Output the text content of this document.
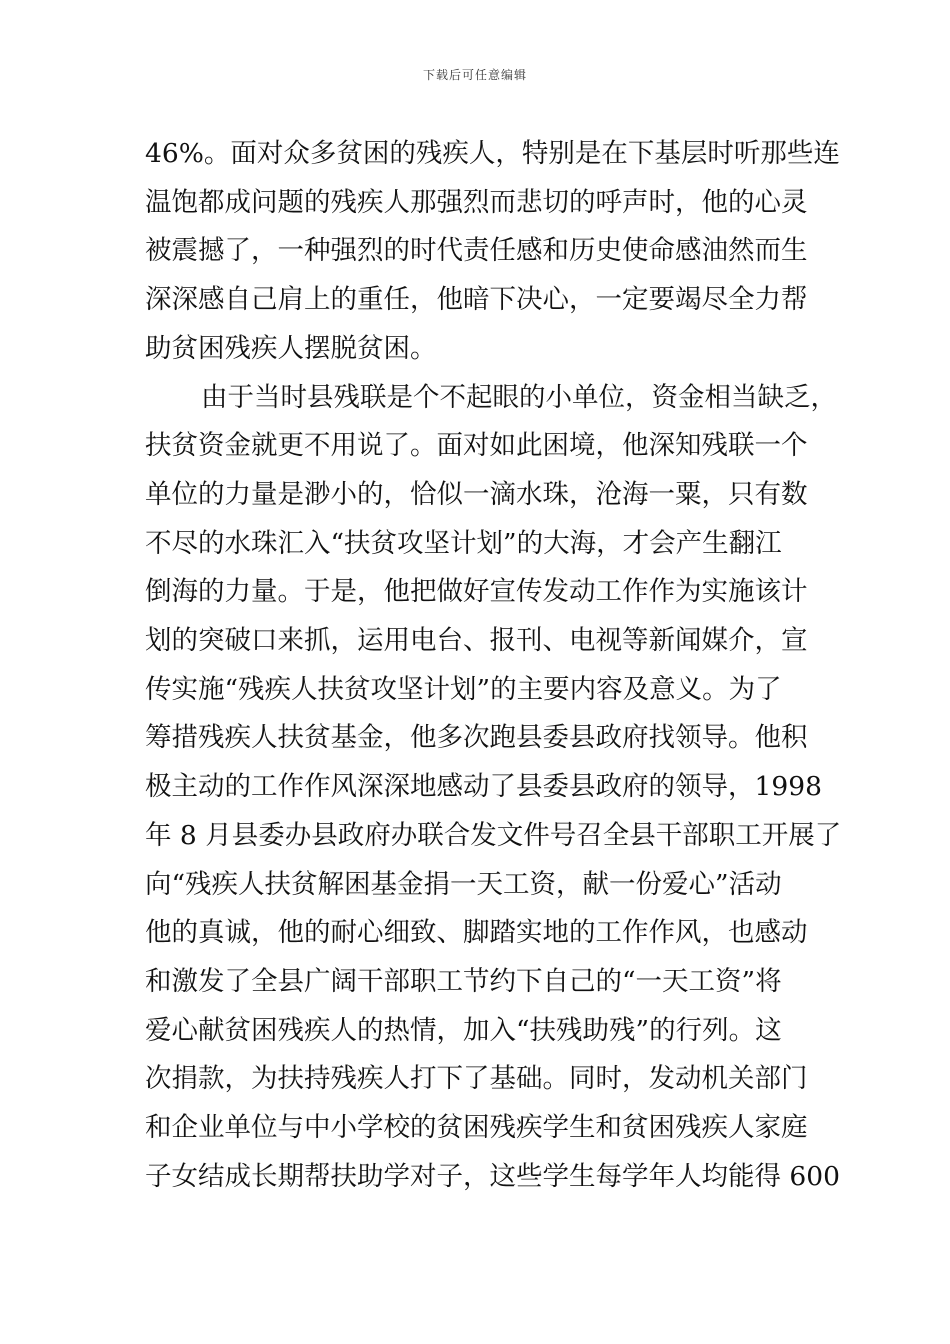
下载后可任意编辑
46%。面对众多贫困的残疾人，特别是在下基层时听那些连
温饱都成问题的残疾人那强烈而悲切的呼声时，他的心灵
被震撼了，一种强烈的时代责任感和历史使命感油然而生
深深感自己肩上的重任，他暗下决心，一定要竭尽全力帮
助贫困残疾人摆脱贫困。
由于当时县残联是个不起眼的小单位，资金相当缺乏，
扶贫资金就更不用说了。面对如此困境，他深知残联一个
单位的力量是渺小的，恰似一滴水珠，沧海一粟，只有数
不尽的水珠汇入“扶贫攻坚计划”的大海，才会产生翻江
倒海的力量。于是，他把做好宣传发动工作作为实施该计
划的突破口来抓，运用电台、报刊、电视等新闻媒介，宣
传实施“残疾人扶贫攻坚计划”的主要内容及意义。为了
筹措残疾人扶贫基金，他多次跑县委县政府找领导。他积
极主动的工作作风深深地感动了县委县政府的领导，1998
年 8 月县委办县政府办联合发文件号召全县干部职工开展了
向“残疾人扶贫解困基金捐一天工资，献一份爱心”活动
他的真诚，他的耐心细致、脚踏实地的工作作风，也感动
和激发了全县广阔干部职工节约下自己的“一天工资”将
爱心献贫困残疾人的热情，加入“扶残助残”的行列。这
次捐款，为扶持残疾人打下了基础。同时，发动机关部门
和企业单位与中小学校的贫困残疾学生和贫困残疾人家庭
子女结成长期帮扶助学对子，这些学生每学年人均能得 600
